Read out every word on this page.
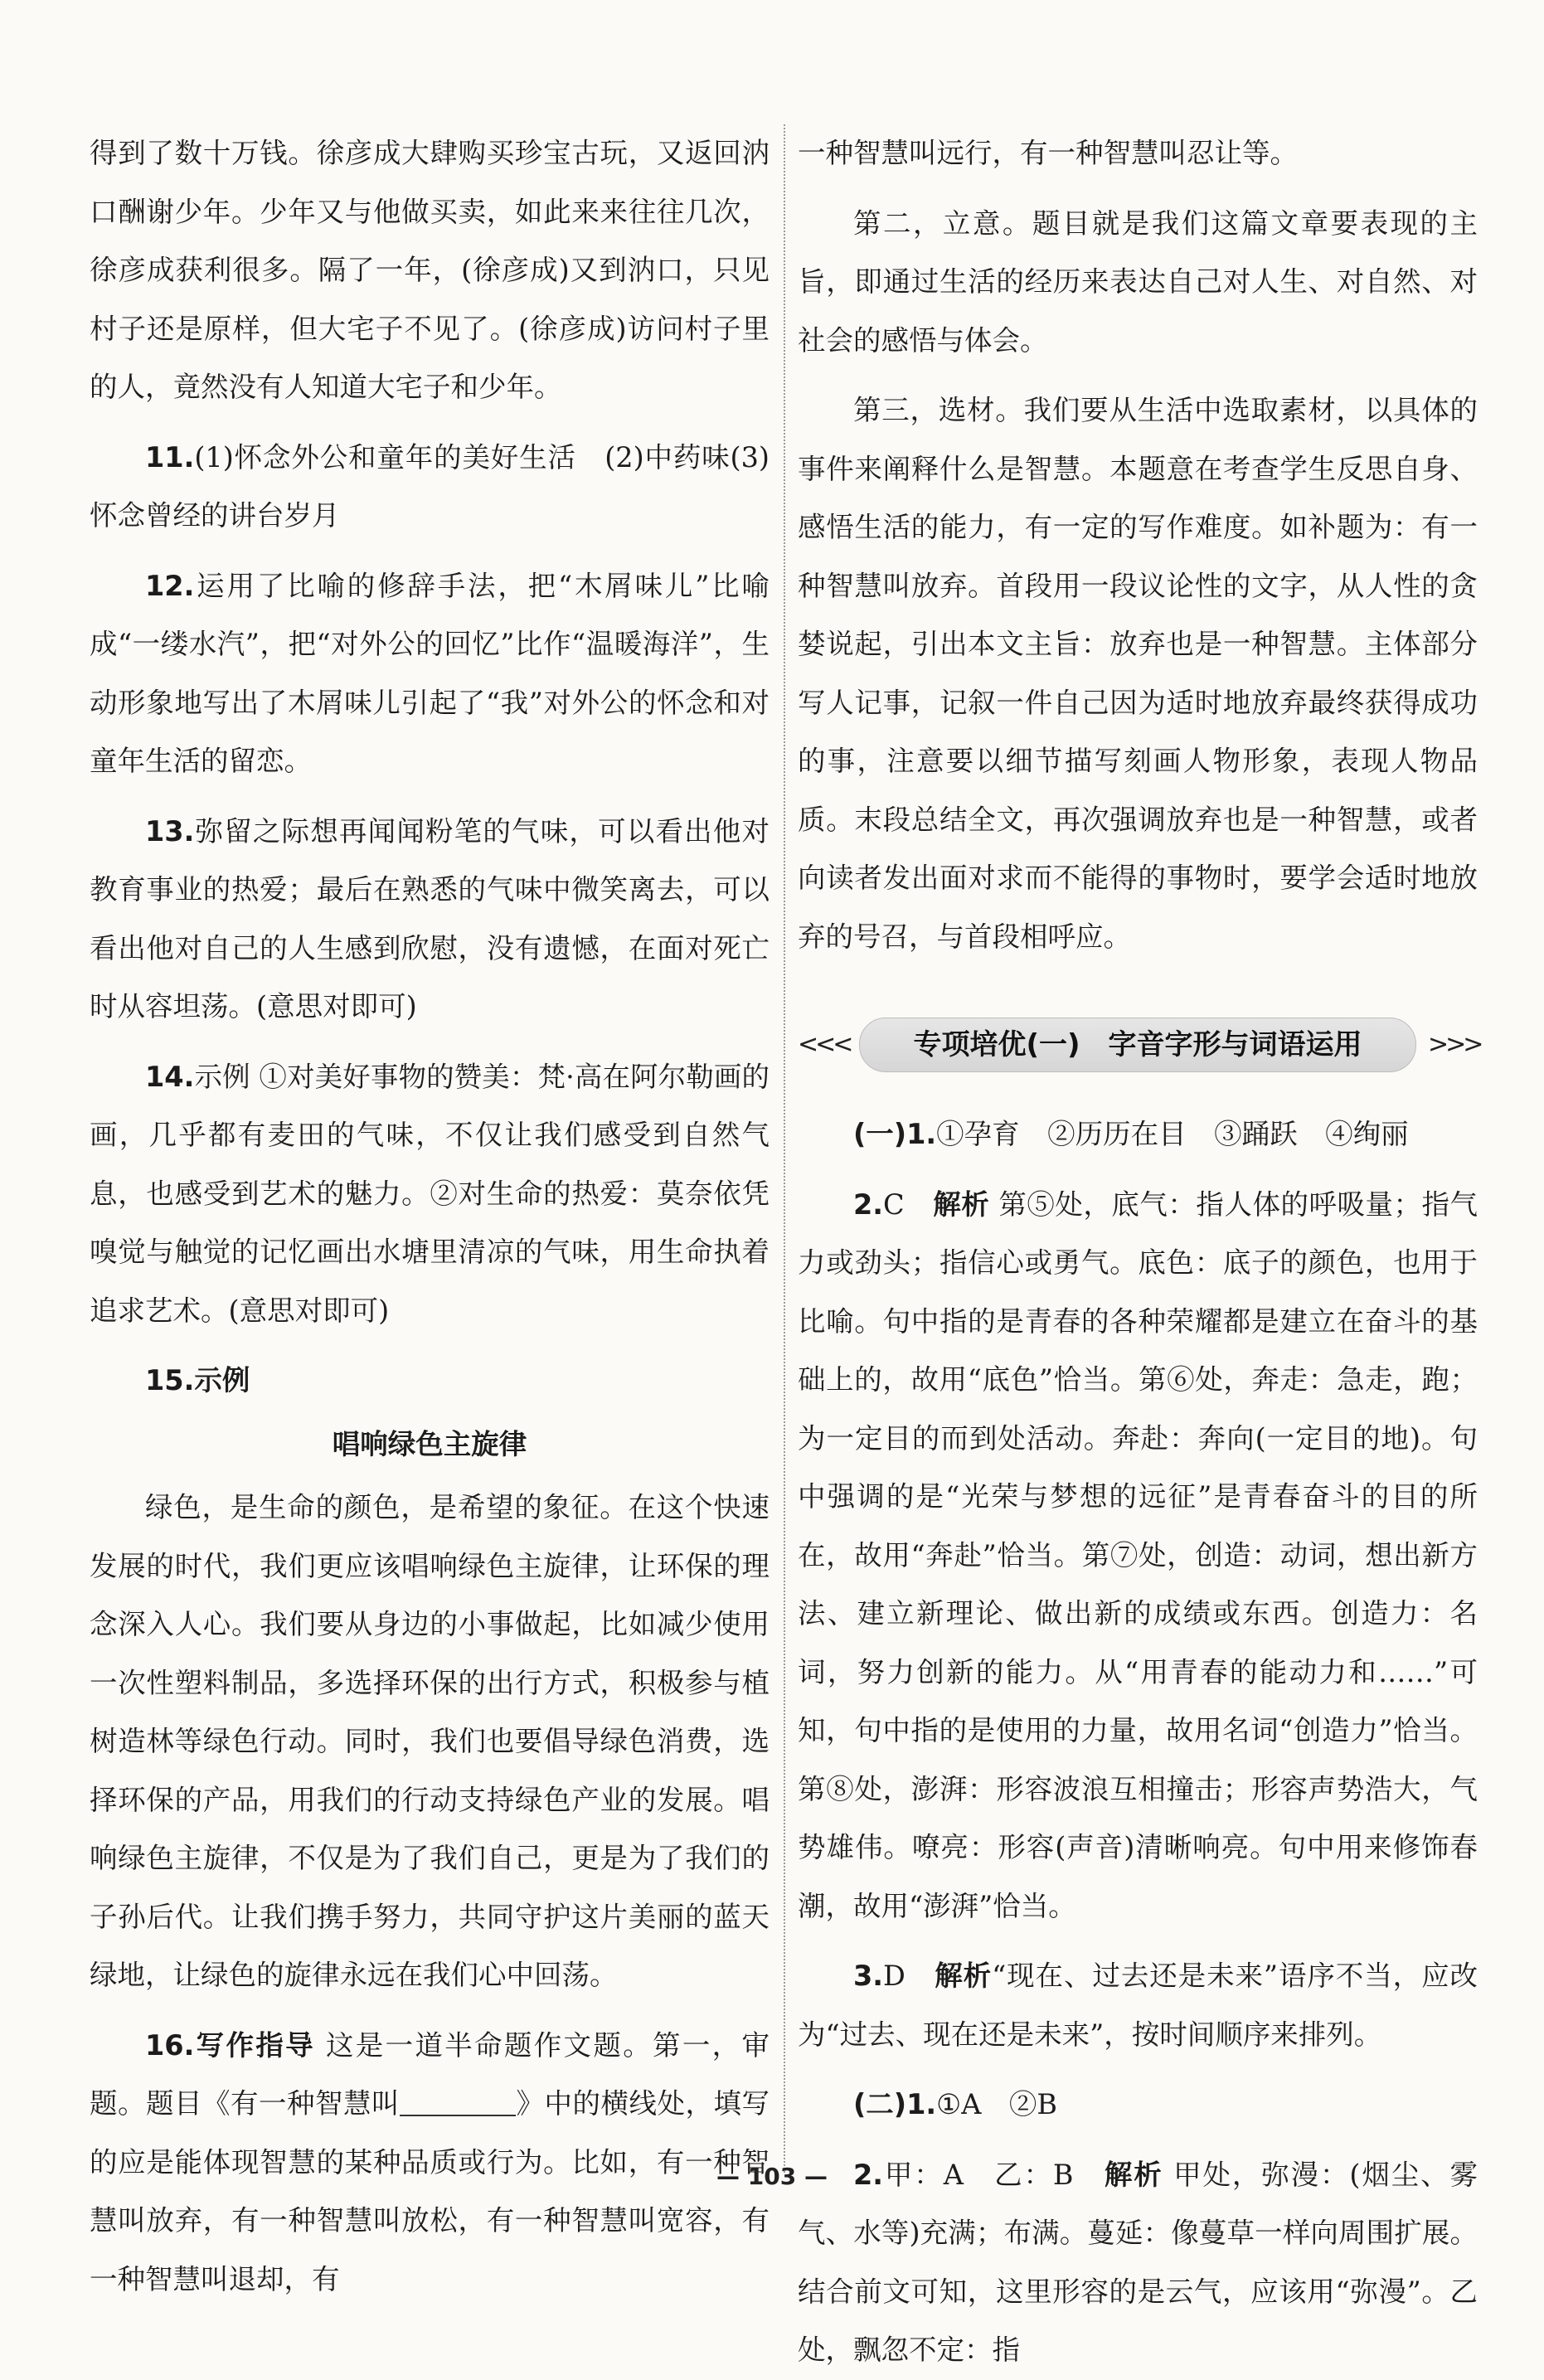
得到了数十万钱。徐彦成大肆购买珍宝古玩，又返回汭口酬谢少年。少年又与他做买卖，如此来来往往几次，徐彦成获利很多。隔了一年，(徐彦成)又到汭口，只见村子还是原样，但大宅子不见了。(徐彦成)访问村子里的人，竟然没有人知道大宅子和少年。

11.(1)怀念外公和童年的美好生活　(2)中药味(3)怀念曾经的讲台岁月

12.运用了比喻的修辞手法，把“木屑味儿”比喻成“一缕水汽”，把“对外公的回忆”比作“温暖海洋”，生动形象地写出了木屑味儿引起了“我”对外公的怀念和对童年生活的留恋。

13.弥留之际想再闻闻粉笔的气味，可以看出他对教育事业的热爱；最后在熟悉的气味中微笑离去，可以看出他对自己的人生感到欣慰，没有遗憾，在面对死亡时从容坦荡。(意思对即可)

14.示例 ①对美好事物的赞美：梵·高在阿尔勒画的画，几乎都有麦田的气味，不仅让我们感受到自然气息，也感受到艺术的魅力。②对生命的热爱：莫奈依凭嗅觉与触觉的记忆画出水塘里清凉的气味，用生命执着追求艺术。(意思对即可)

15.示例

唱响绿色主旋律

绿色，是生命的颜色，是希望的象征。在这个快速发展的时代，我们更应该唱响绿色主旋律，让环保的理念深入人心。我们要从身边的小事做起，比如减少使用一次性塑料制品，多选择环保的出行方式，积极参与植树造林等绿色行动。同时，我们也要倡导绿色消费，选择环保的产品，用我们的行动支持绿色产业的发展。唱响绿色主旋律，不仅是为了我们自己，更是为了我们的子孙后代。让我们携手努力，共同守护这片美丽的蓝天绿地，让绿色的旋律永远在我们心中回荡。

16.写作指导 这是一道半命题作文题。第一，审题。题目《有一种智慧叫	》中的横线处，填写的应是能体现智慧的某种品质或行为。比如，有一种智慧叫放弃，有一种智慧叫放松，有一种智慧叫宽容，有一种智慧叫退却，有

一种智慧叫远行，有一种智慧叫忍让等。

第二，立意。题目就是我们这篇文章要表现的主旨，即通过生活的经历来表达自己对人生、对自然、对社会的感悟与体会。

第三，选材。我们要从生活中选取素材，以具体的事件来阐释什么是智慧。本题意在考查学生反思自身、感悟生活的能力，有一定的写作难度。如补题为：有一种智慧叫放弃。首段用一段议论性的文字，从人性的贪婪说起，引出本文主旨：放弃也是一种智慧。主体部分写人记事，记叙一件自己因为适时地放弃最终获得成功的事，注意要以细节描写刻画人物形象，表现人物品质。末段总结全文，再次强调放弃也是一种智慧，或者向读者发出面对求而不能得的事物时，要学会适时地放弃的号召，与首段相呼应。

<<<	专项培优(一)　字音字形与词语运用	>>>

(一)1.①孕育　②历历在目　③踊跃　④绚丽

2.C　 解析 第⑤处，底气：指人体的呼吸量；指气力或劲头；指信心或勇气。底色：底子的颜色，也用于比喻。句中指的是青春的各种荣耀都是建立在奋斗的基础上的，故用“底色”恰当。第⑥处，奔走：急走，跑；为一定目的而到处活动。奔赴：奔向(一定目的地)。句中强调的是“光荣与梦想的远征”是青春奋斗的目的所在，故用“奔赴”恰当。第⑦处，创造：动词，想出新方法、建立新理论、做出新的成绩或东西。创造力：名词，努力创新的能力。从“用青春的能动力和……”可知，句中指的是使用的力量，故用名词“创造力”恰当。第⑧处，澎湃：形容波浪互相撞击；形容声势浩大，气势雄伟。嘹亮：形容(声音)清晰响亮。句中用来修饰春潮，故用“澎湃”恰当。

3.D　 解析“现在、过去还是未来”语序不当，应改为“过去、现在还是未来”，按时间顺序来排列。

(二)1.①A　②B

2.甲：A　乙：B　 解析 甲处，弥漫：(烟尘、雾气、水等)充满；布满。蔓延：像蔓草一样向周围扩展。结合前文可知，这里形容的是云气，应该用“弥漫”。乙处，飘忽不定：指

— 103 —
